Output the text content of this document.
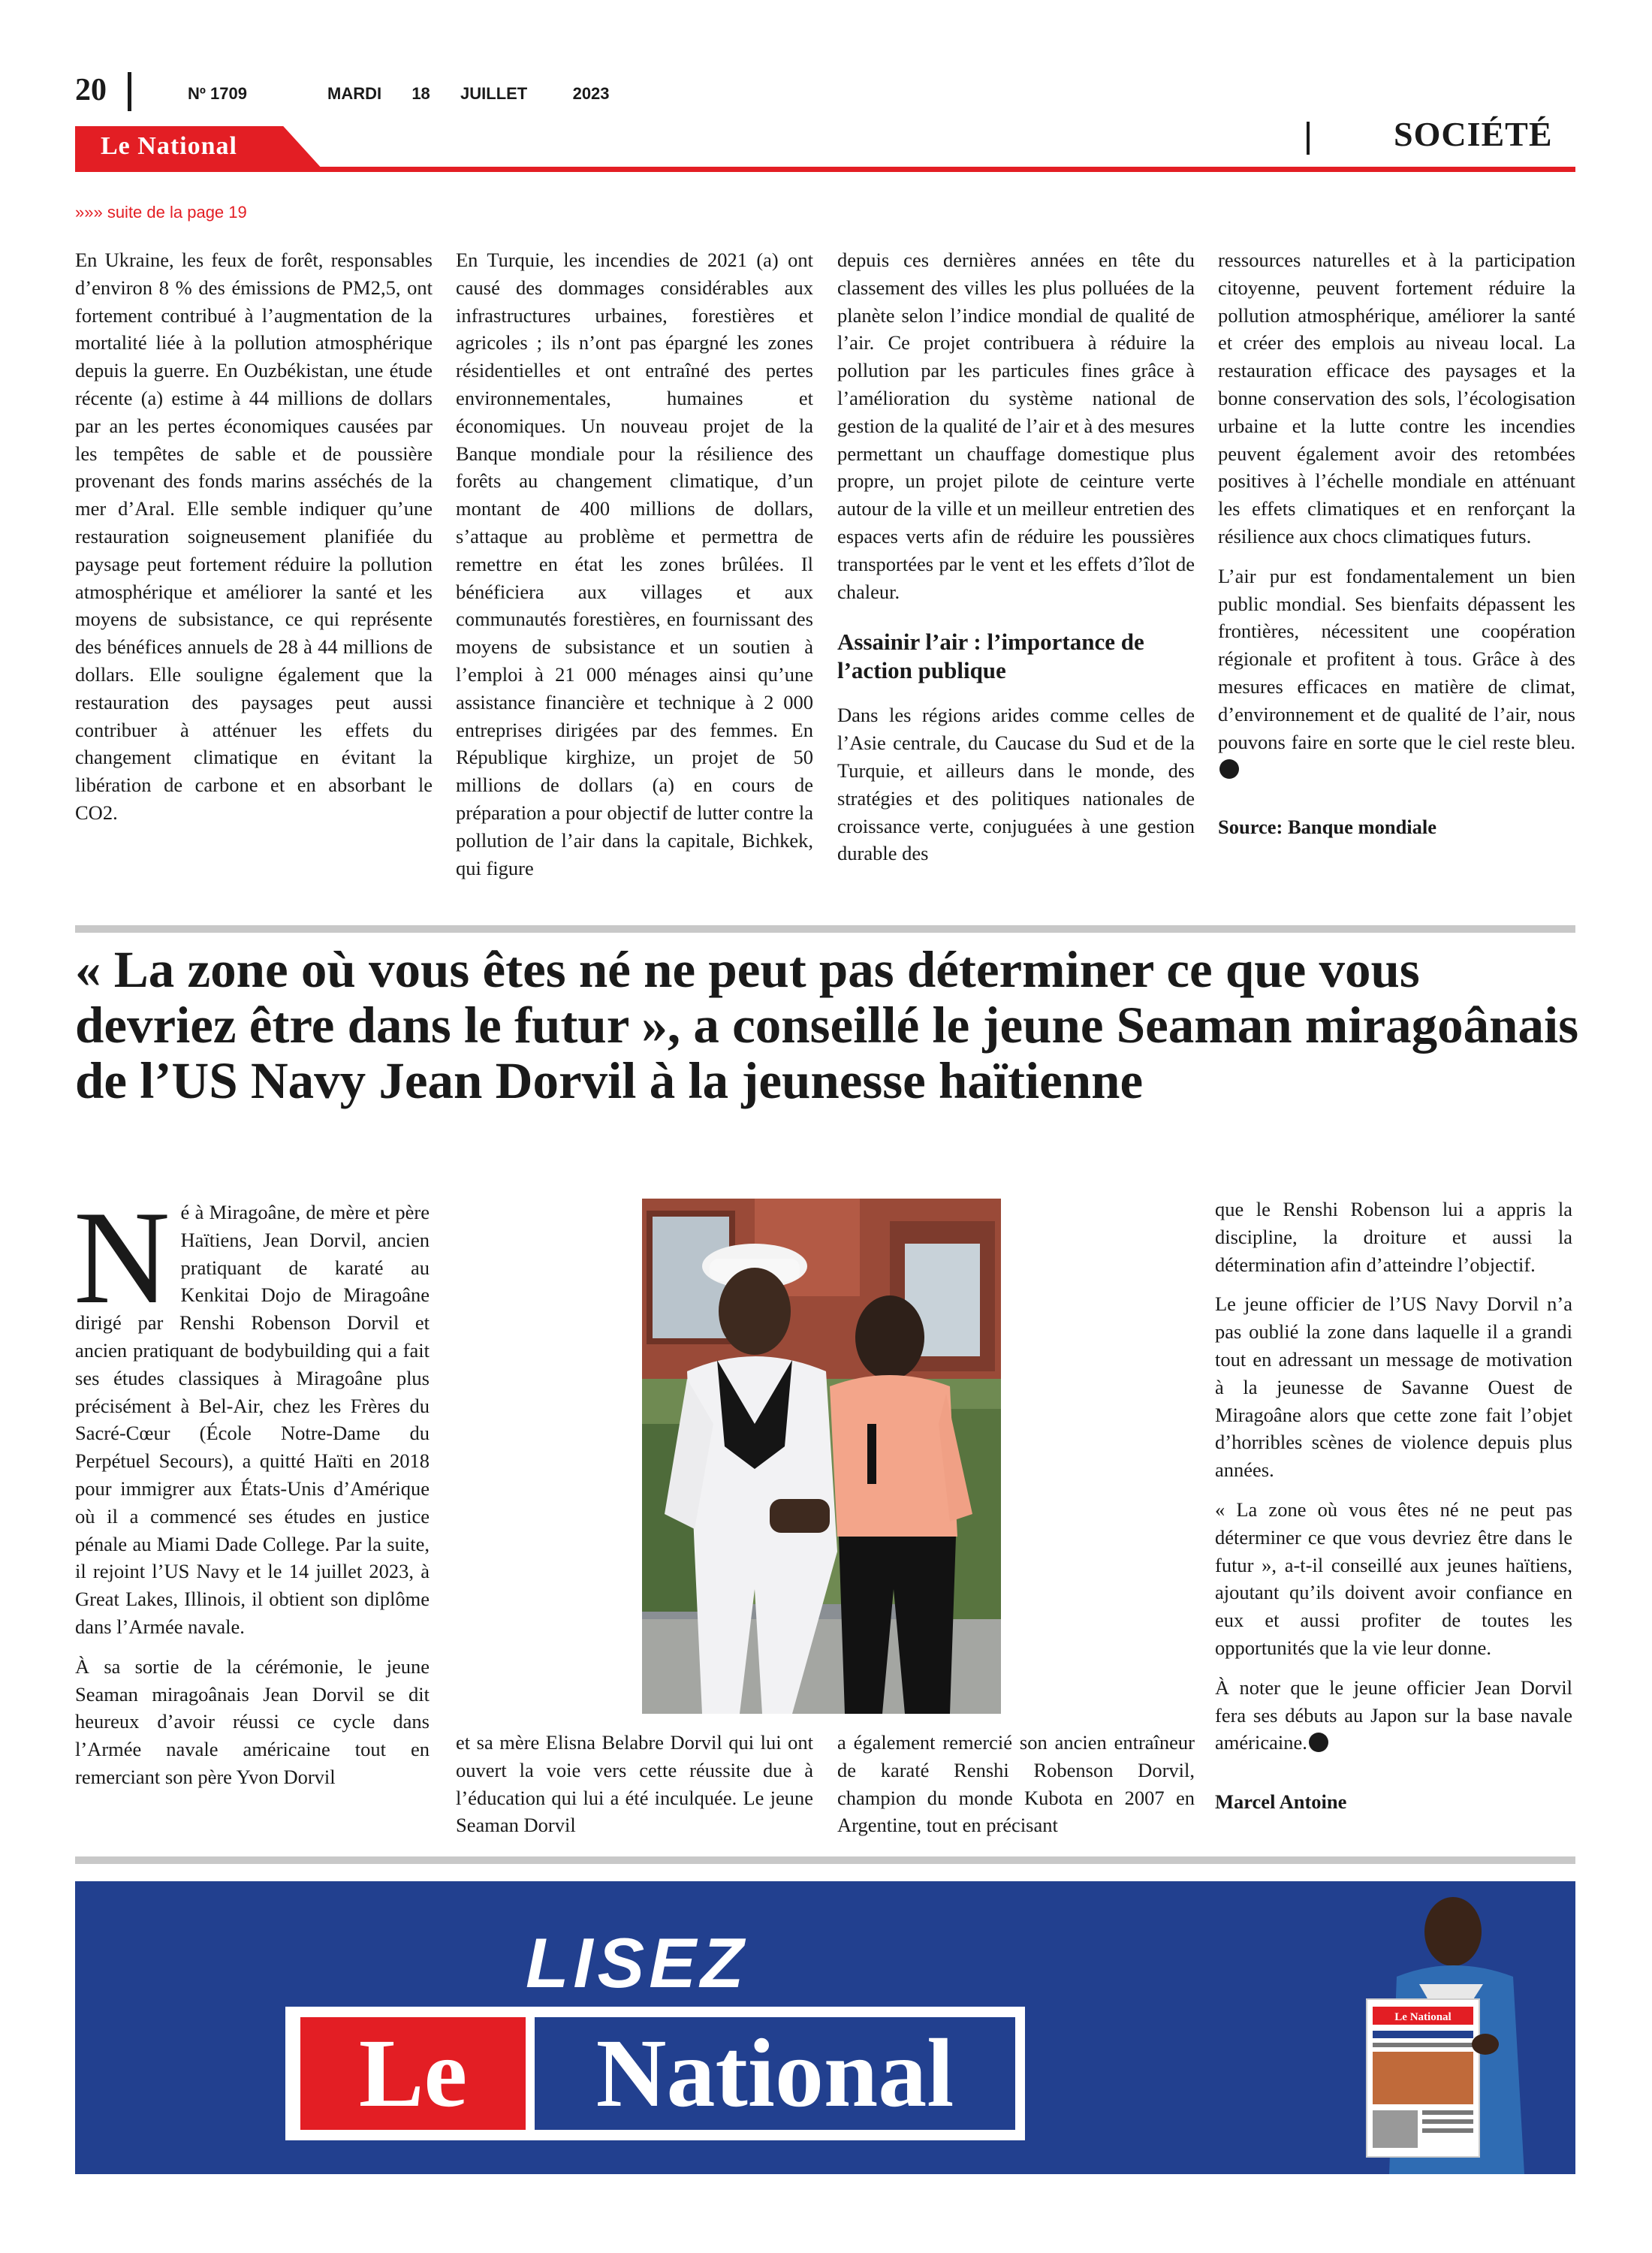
20	Nº 1709	MARDI  18  JUILLET   2023
Le National	SOCIÉTÉ
»»» suite de la page 19

En Ukraine, les feux de forêt, responsables d’environ 8 % des émissions de PM2,5, ont fortement contribué à l’augmentation de la mortalité liée à la pollution atmosphérique depuis la guerre. En Ouzbékistan, une étude récente (a) estime à 44 millions de dollars par an les pertes économiques causées par les tempêtes de sable et de poussière provenant des fonds marins asséchés de la mer d’Aral. Elle semble indiquer qu’une restauration soigneusement planifiée du paysage peut fortement réduire la pollution atmosphérique et améliorer la santé et les moyens de subsistance, ce qui représente des bénéfices annuels de 28 à 44 millions de dollars. Elle souligne également que la restauration des paysages peut aussi contribuer à atténuer les effets du changement climatique en évitant la libération de carbone et en absorbant le CO2.

En Turquie, les incendies de 2021 (a) ont causé des dommages considérables aux infrastructures urbaines, forestières et agricoles ; ils n’ont pas épargné les zones résidentielles et ont entraîné des pertes environnementales, humaines et économiques. Un nouveau projet de la Banque mondiale pour la résilience des forêts au changement climatique, d’un montant de 400 millions de dollars, s’attaque au problème et permettra de remettre en état les zones brûlées. Il bénéficiera aux villages et aux communautés forestières, en fournissant des moyens de subsistance et un soutien à l’emploi à 21 000 ménages ainsi qu’une assistance financière et technique à 2 000 entreprises dirigées par des femmes. En République kirghize, un projet de 50 millions de dollars (a) en cours de préparation a pour objectif de lutter contre la pollution de l’air dans la capitale, Bichkek, qui figure

depuis ces dernières années en tête du classement des villes les plus polluées de la planète selon l’indice mondial de qualité de l’air. Ce projet contribuera à réduire la pollution par les particules fines grâce à l’amélioration du système national de gestion de la qualité de l’air et à des mesures permettant un chauffage domestique plus propre, un projet pilote de ceinture verte autour de la ville et un meilleur entretien des espaces verts afin de réduire les poussières transportées par le vent et les effets d’îlot de chaleur.

Assainir l’air : l’importance de l’action publique

Dans les régions arides comme celles de l’Asie centrale, du Caucase du Sud et de la Turquie, et ailleurs dans le monde, des stratégies et des politiques nationales de croissance verte, conjuguées à une gestion durable des

ressources naturelles et à la participation citoyenne, peuvent fortement réduire la pollution atmosphérique, améliorer la santé et créer des emplois au niveau local. La restauration efficace des paysages et la bonne conservation des sols, l’écologisation urbaine et la lutte contre les incendies peuvent également avoir des retombées positives à l’échelle mondiale en atténuant les effets climatiques et en renforçant la résilience aux chocs climatiques futurs.

L’air pur est fondamentalement un bien public mondial. Ses bienfaits dépassent les frontières, nécessitent une coopération régionale et profitent à tous. Grâce à des mesures efficaces en matière de climat, d’environnement et de qualité de l’air, nous pouvons faire en sorte que le ciel reste bleu.

Source: Banque mondiale

« La zone où vous êtes né ne peut pas déterminer ce que vous devriez être dans le futur », a conseillé le jeune Seaman miragoânais de l’US Navy Jean Dorvil à la jeunesse haïtienne

Né à Miragoâne, de mère et père Haïtiens, Jean Dorvil, ancien pratiquant de karaté au Kenkitai Dojo de Miragoâne dirigé par Renshi Robenson Dorvil et ancien pratiquant de bodybuilding qui a fait ses études classiques à Miragoâne plus précisément à Bel-Air, chez les Frères du Sacré-Cœur (École Notre-Dame du Perpétuel Secours), a quitté Haïti en 2018 pour immigrer aux États-Unis d’Amérique où il a commencé ses études en justice pénale au Miami Dade College. Par la suite, il rejoint l’US Navy et le 14 juillet 2023, à Great Lakes, Illinois, il obtient son diplôme dans l’Armée navale.

À sa sortie de la cérémonie, le jeune Seaman miragoânais Jean Dorvil se dit heureux d’avoir réussi ce cycle dans l’Armée navale américaine tout en remerciant son père Yvon Dorvil

et sa mère Elisna Belabre Dorvil qui lui ont ouvert la voie vers cette réussite due à l’éducation qui lui a été inculquée. Le jeune Seaman Dorvil

a également remercié son ancien entraîneur de karaté Renshi Robenson Dorvil, champion du monde Kubota en 2007 en Argentine, tout en précisant

que le Renshi Robenson lui a appris la discipline, la droiture et aussi la détermination afin d’atteindre l’objectif.

Le jeune officier de l’US Navy Dorvil n’a pas oublié la zone dans laquelle il a grandi tout en adressant un message de motivation à la jeunesse de Savanne Ouest de Miragoâne alors que cette zone fait l’objet d’horribles scènes de violence depuis plus années.

« La zone où vous êtes né ne peut pas déterminer ce que vous devriez être dans le futur », a-t-il conseillé aux jeunes haïtiens, ajoutant qu’ils doivent avoir confiance en eux et aussi profiter de toutes les opportunités que la vie leur donne.

À noter que le jeune officier Jean Dorvil fera ses débuts au Japon sur la base navale américaine.

Marcel Antoine

LISEZ
Le	National
Le National
